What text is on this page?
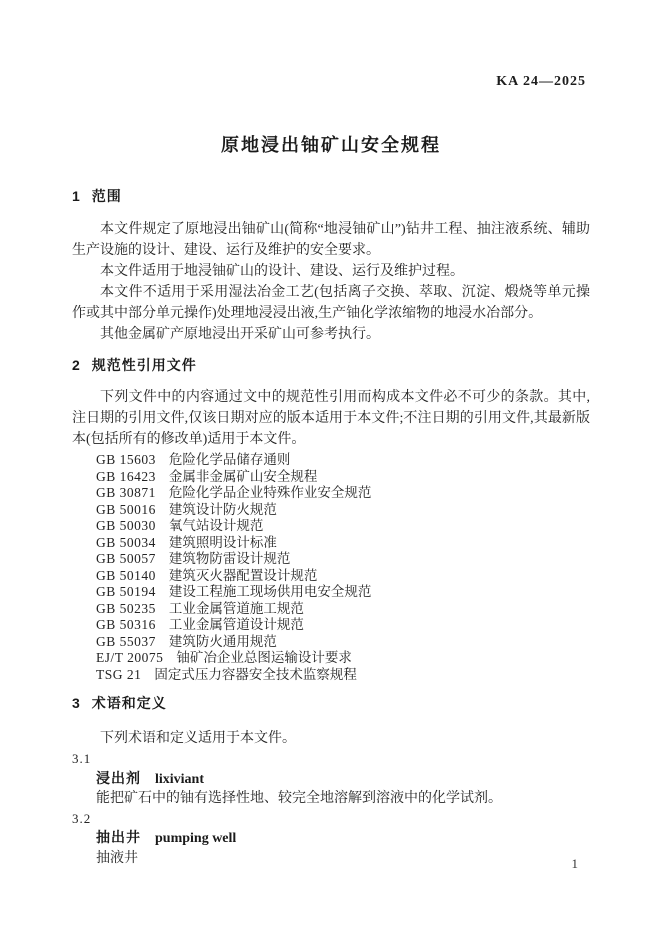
KA 24—2025
原地浸出铀矿山安全规程
1 范围

本文件规定了原地浸出铀矿山(简称“地浸铀矿山”)钻井工程、抽注液系统、辅助生产设施的设计、建设、运行及维护的安全要求。

本文件适用于地浸铀矿山的设计、建设、运行及维护过程。

本文件不适用于采用湿法冶金工艺(包括离子交换、萃取、沉淀、煅烧等单元操作或其中部分单元操作)处理地浸浸出液,生产铀化学浓缩物的地浸水冶部分。

其他金属矿产原地浸出开采矿山可参考执行。

2 规范性引用文件

下列文件中的内容通过文中的规范性引用而构成本文件必不可少的条款。其中,注日期的引用文件,仅该日期对应的版本适用于本文件;不注日期的引用文件,其最新版本(包括所有的修改单)适用于本文件。

GB 15603 危险化学品储存通则
GB 16423 金属非金属矿山安全规程
GB 30871 危险化学品企业特殊作业安全规范
GB 50016 建筑设计防火规范
GB 50030 氧气站设计规范
GB 50034 建筑照明设计标准
GB 50057 建筑物防雷设计规范
GB 50140 建筑灭火器配置设计规范
GB 50194 建设工程施工现场供用电安全规范
GB 50235 工业金属管道施工规范
GB 50316 工业金属管道设计规范
GB 55037 建筑防火通用规范
EJ/T 20075 铀矿冶企业总图运输设计要求
TSG 21 固定式压力容器安全技术监察规程
3 术语和定义

下列术语和定义适用于本文件。

3.1
浸出剂 lixiviant
能把矿石中的铀有选择性地、较完全地溶解到溶液中的化学试剂。
3.2
抽出井 pumping well
抽液井	1
